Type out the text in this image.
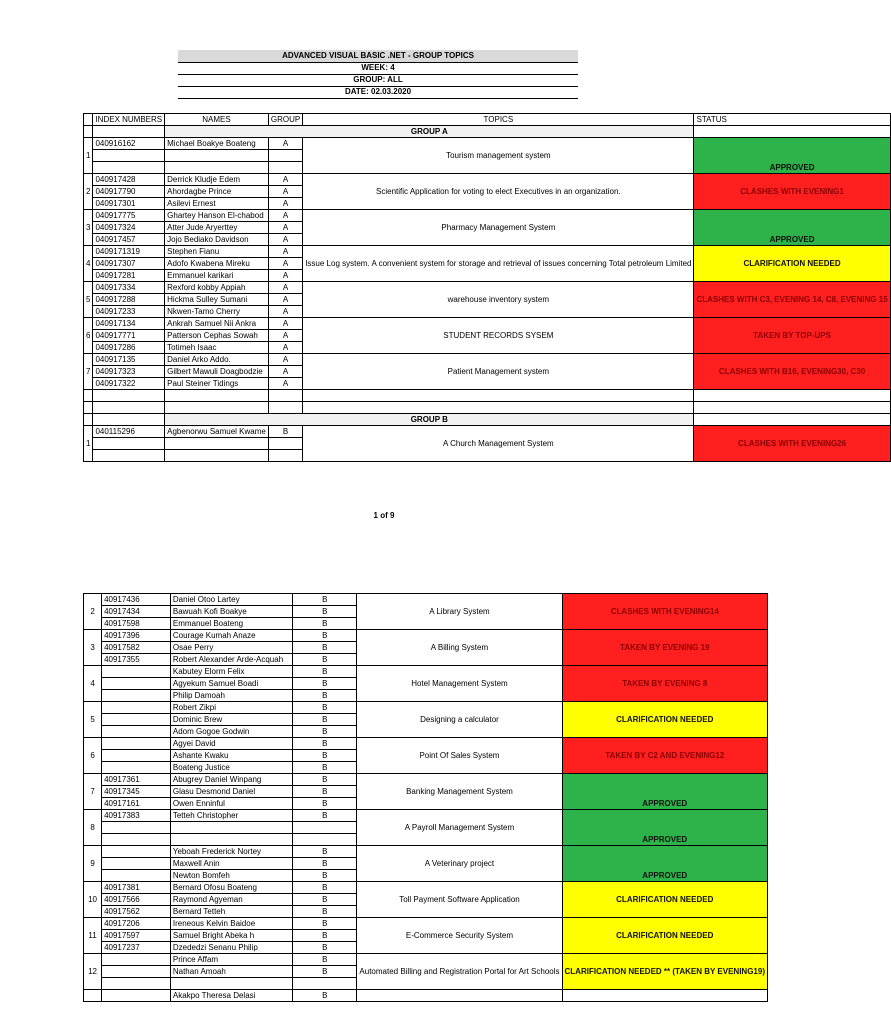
ADVANCED VISUAL BASIC .NET - GROUP TOPICS
WEEK: 4
GROUP: ALL
DATE: 02.03.2020
	INDEX NUMBERS	NAMES	GROUP	TOPICS	STATUS
		GROUP A			
1	040916162	Michael Boakye Boateng	A	Tourism management system	APPROVED

2	040917428	Derrick Kludje Edem	A	Scientific Application for voting to elect Executives in an organization.	CLASHES WITH EVENING1
	040917790	Ahordagbe Prince	A		
	040917301	Asilevi Ernest	A		
3	040917775	Ghartey Hanson El-chabod	A	Pharmacy Management System	APPROVED
	040917324	Atter Jude Aryerttey	A		
	040917457	Jojo Bediako Davidson	A		
4	0409171319	Stephen Fianu	A	Issue Log system. A convenient system for storage and retrieval of issues concerning Total petroleum Limited	CLARIFICATION NEEDED
	040917307	Adofo Kwabena Mireku	A		
	040917281	Emmanuel karikari	A		
5	040917334	Rexford kobby Appiah	A	warehouse inventory system	CLASHES WITH C3, EVENING 14, C8, EVENING 15
	040917288	Hickma Sulley Sumani	A		
	040917233	Nkwen-Tamo Cherry	A		
6	040917134	Ankrah Samuel Nii Ankra	A	STUDENT RECORDS SYSEM	TAKEN BY TOP-UPS
	040917771	Patterson Cephas Sowah	A		
	040917286	Totimeh Isaac	A		
7	040917135	Daniel Arko Addo.	A	Patient Management system	CLASHES WITH B16, EVENING30, C30
	040917323	Gilbert Mawuli Doagbodzie	A		
	040917322	Paul Steiner Tidings	A		

		GROUP B			
1	040115296	Agbenorwu Samuel Kwame	B	A Church Management System	CLASHES WITH EVENING26

1 of 9
2	40917436	Daniel Otoo Lartey	B	A Library System	CLASHES WITH EVENING14
	40917434	Bawuah Kofi Boakye	B		
	40917598	Emmanuel Boateng	B		
3	40917396	Courage Kumah Anaze	B	A Billing System	TAKEN BY EVENING 19
	40917582	Osae Perry	B		
	40917355	Robert Alexander Arde-Acquah	B		
4		Kabutey Elorm Felix	B	Hotel Management System	TAKEN BY EVENING 8
		Agyekum Samuel Boadi	B		
		Philip Damoah	B		
5		Robert Zikpi	B	Designing a calculator	CLARIFICATION NEEDED
		Dominic Brew	B		
		Adom Gogoe Godwin	B		
6		Agyei David	B	Point Of Sales System	TAKEN BY C2 AND EVENING12
		Ashante Kwaku	B		
		Boateng Justice	B		
7	40917361	Abugrey Daniel Winpang	B	Banking Management System	APPROVED
	40917345	Glasu Desmond Daniel	B		
	40917161	Owen Enninful	B		
8	40917383	Tetteh Christopher	B	A Payroll Management System	APPROVED

9		Yeboah Frederick Nortey	B	A Veterinary project	APPROVED
		Maxwell Anin	B		
		Newton Bomfeh	B		
10	40917381	Bernard Ofosu Boateng	B	Toll Payment Software Application	CLARIFICATION NEEDED
	40917566	Raymond Agyeman	B		
	40917562	Bernard Tetteh	B		
11	40917206	Ireneous Kelvin Baidoe	B	E-Commerce Security System	CLARIFICATION NEEDED
	40917597	Samuel Bright Abeka h	B		
	40917237	Dzededzi Senanu Philip	B		
12		Prince Affam	B	Automated Billing and Registration Portal for Art Schools	CLARIFICATION NEEDED ** (TAKEN BY EVENING19)
		Nathan Amoah	B		

		Akakpo Theresa Delasi	B		
